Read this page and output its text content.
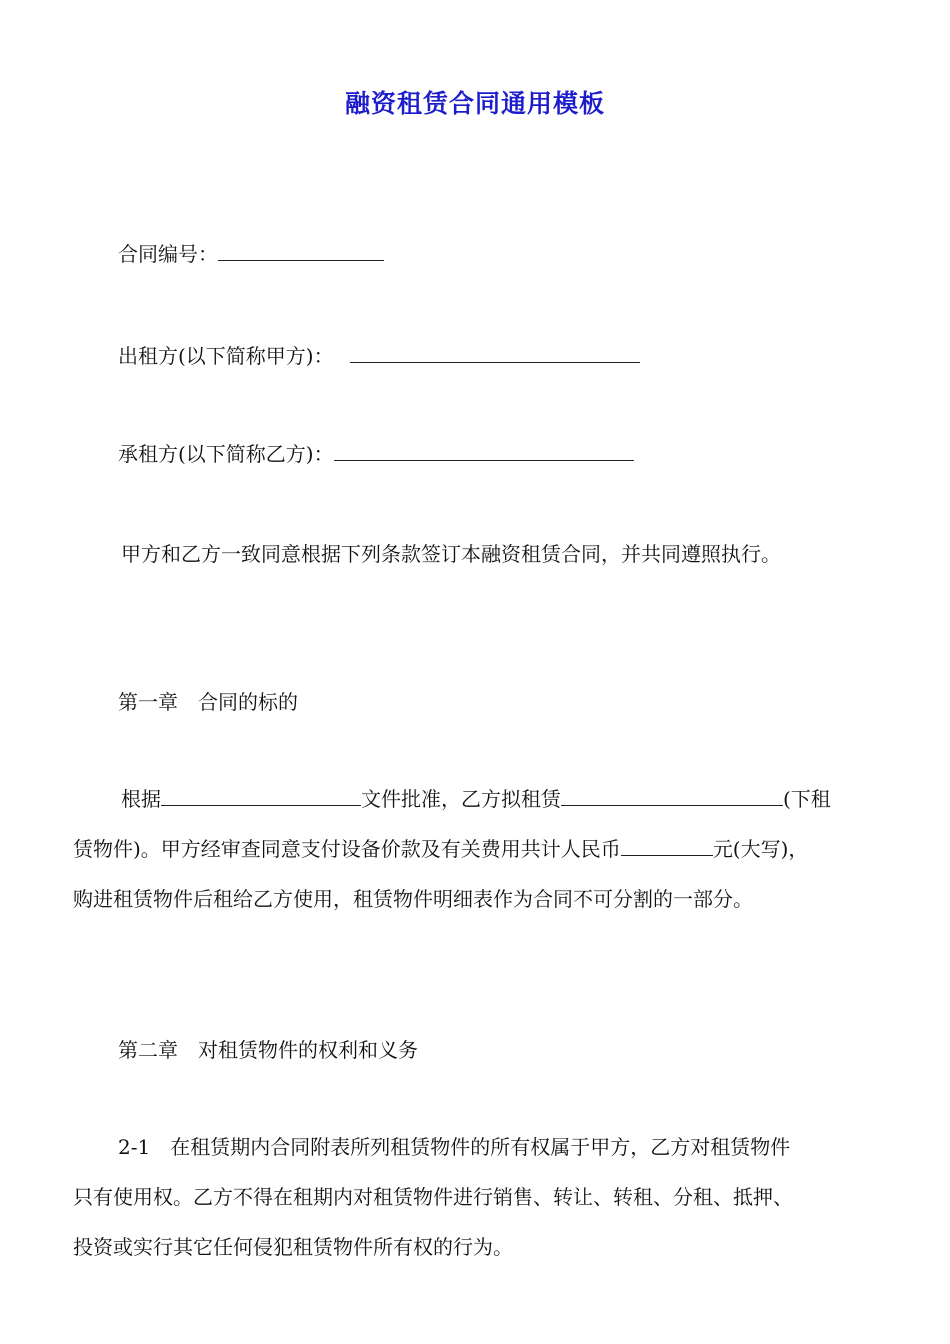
融资租赁合同通用模板
合同编号：
出租方(以下简称甲方)：
承租方(以下简称乙方)：
甲方和乙方一致同意根据下列条款签订本融资租赁合同，并共同遵照执行。
第一章　合同的标的
根据	文件批准，乙方拟租赁	(下租
赁物件)。甲方经审查同意支付设备价款及有关费用共计人民币	元(大写)，
购进租赁物件后租给乙方使用，租赁物件明细表作为合同不可分割的一部分。
第二章　对租赁物件的权利和义务
2-1　在租赁期内合同附表所列租赁物件的所有权属于甲方，乙方对租赁物件
只有使用权。乙方不得在租期内对租赁物件进行销售、转让、转租、分租、抵押、
投资或实行其它任何侵犯租赁物件所有权的行为。
